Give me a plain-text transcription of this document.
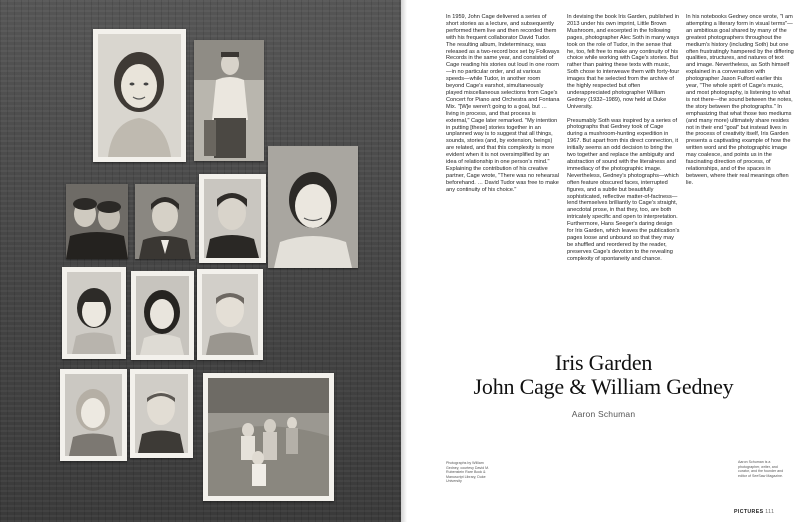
In 1959, John Cage delivered a series of short stories as a lecture, and subsequently performed them live and then recorded them with his frequent collaborator David Tudor. The resulting album, Indeterminacy, was released as a two-record box set by Folkways Records in the same year, and consisted of Cage reading his stories out loud in one room—in no particular order, and at various speeds—while Tudor, in another room beyond Cage's earshot, simultaneously played miscellaneous selections from Cage's Concert for Piano and Orchestra and Fontana Mix. "[W]e weren't going to a goal, but … living in process, and that process is external," Cage later remarked. "My intention in putting [these] stories together in an unplanned way is to suggest that all things, sounds, stories (and, by extension, beings) are related, and that this complexity is more evident when it is not oversimplified by an idea of relationship in one person's mind." Explaining the contribution of his creative partner, Cage wrote, "There was no rehearsal beforehand. … David Tudor was free to make any continuity of his choice."

In devising the book Iris Garden, published in 2013 under his own imprint, Little Brown Mushroom, and excerpted in the following pages, photographer Alec Soth in many ways took on the role of Tudor, in the sense that he, too, felt free to make any continuity of his choice while working with Cage's stories. But rather than pairing these texts with music, Soth chose to interweave them with forty-four images that he selected from the archive of the highly respected but often underappreciated photographer William Gedney (1932–1989), now held at Duke University.

Presumably Soth was inspired by a series of photographs that Gedney took of Cage during a mushroom-hunting expedition in 1967. But apart from this direct connection, it initially seems an odd decision to bring the two together and replace the ambiguity and abstraction of sound with the literalness and immediacy of the photographic image. Nevertheless, Gedney's photographs—which often feature obscured faces, interrupted figures, and a subtle but beautifully sophisticated, reflective matter-of-factness—lend themselves brilliantly to Cage's straight, anecdotal prose, in that they, too, are both intricately specific and open to interpretation. Furthermore, Hans Seeger's daring design for Iris Garden, which leaves the publication's pages loose and unbound so that they may be shuffled and reordered by the reader, preserves Cage's devotion to the revealing complexity of spontaneity and chance.

In his notebooks Gedney once wrote, "I am attempting a literary form in visual terms"—an ambitious goal shared by many of the greatest photographers throughout the medium's history (including Soth) but one often frustratingly hampered by the differing qualities, structures, and natures of text and image. Nevertheless, as Soth himself explained in a conversation with photographer Jason Fulford earlier this year, "The whole spirit of Cage's music, and most photography, is listening to what is not there—the sound between the notes, the story between the photographs." In emphasizing that what those two mediums (and many more) ultimately share resides not in their end "goal" but instead lives in the process of creativity itself, Iris Garden presents a captivating example of how the written word and the photographic image may coalesce, and points us in the fascinating direction of process, of relationships, and of the spaces in between, where their real meanings often lie.

Iris Garden
John Cage & William Gedney
Aaron Schuman
Photographs by William Gedney, courtesy David M. Rubenstein Rare Book & Manuscript Library, Duke University
Aaron Schuman is a photographer, writer, and curator, and the founder and editor of SeeSaw Magazine.
PICTURES 111
